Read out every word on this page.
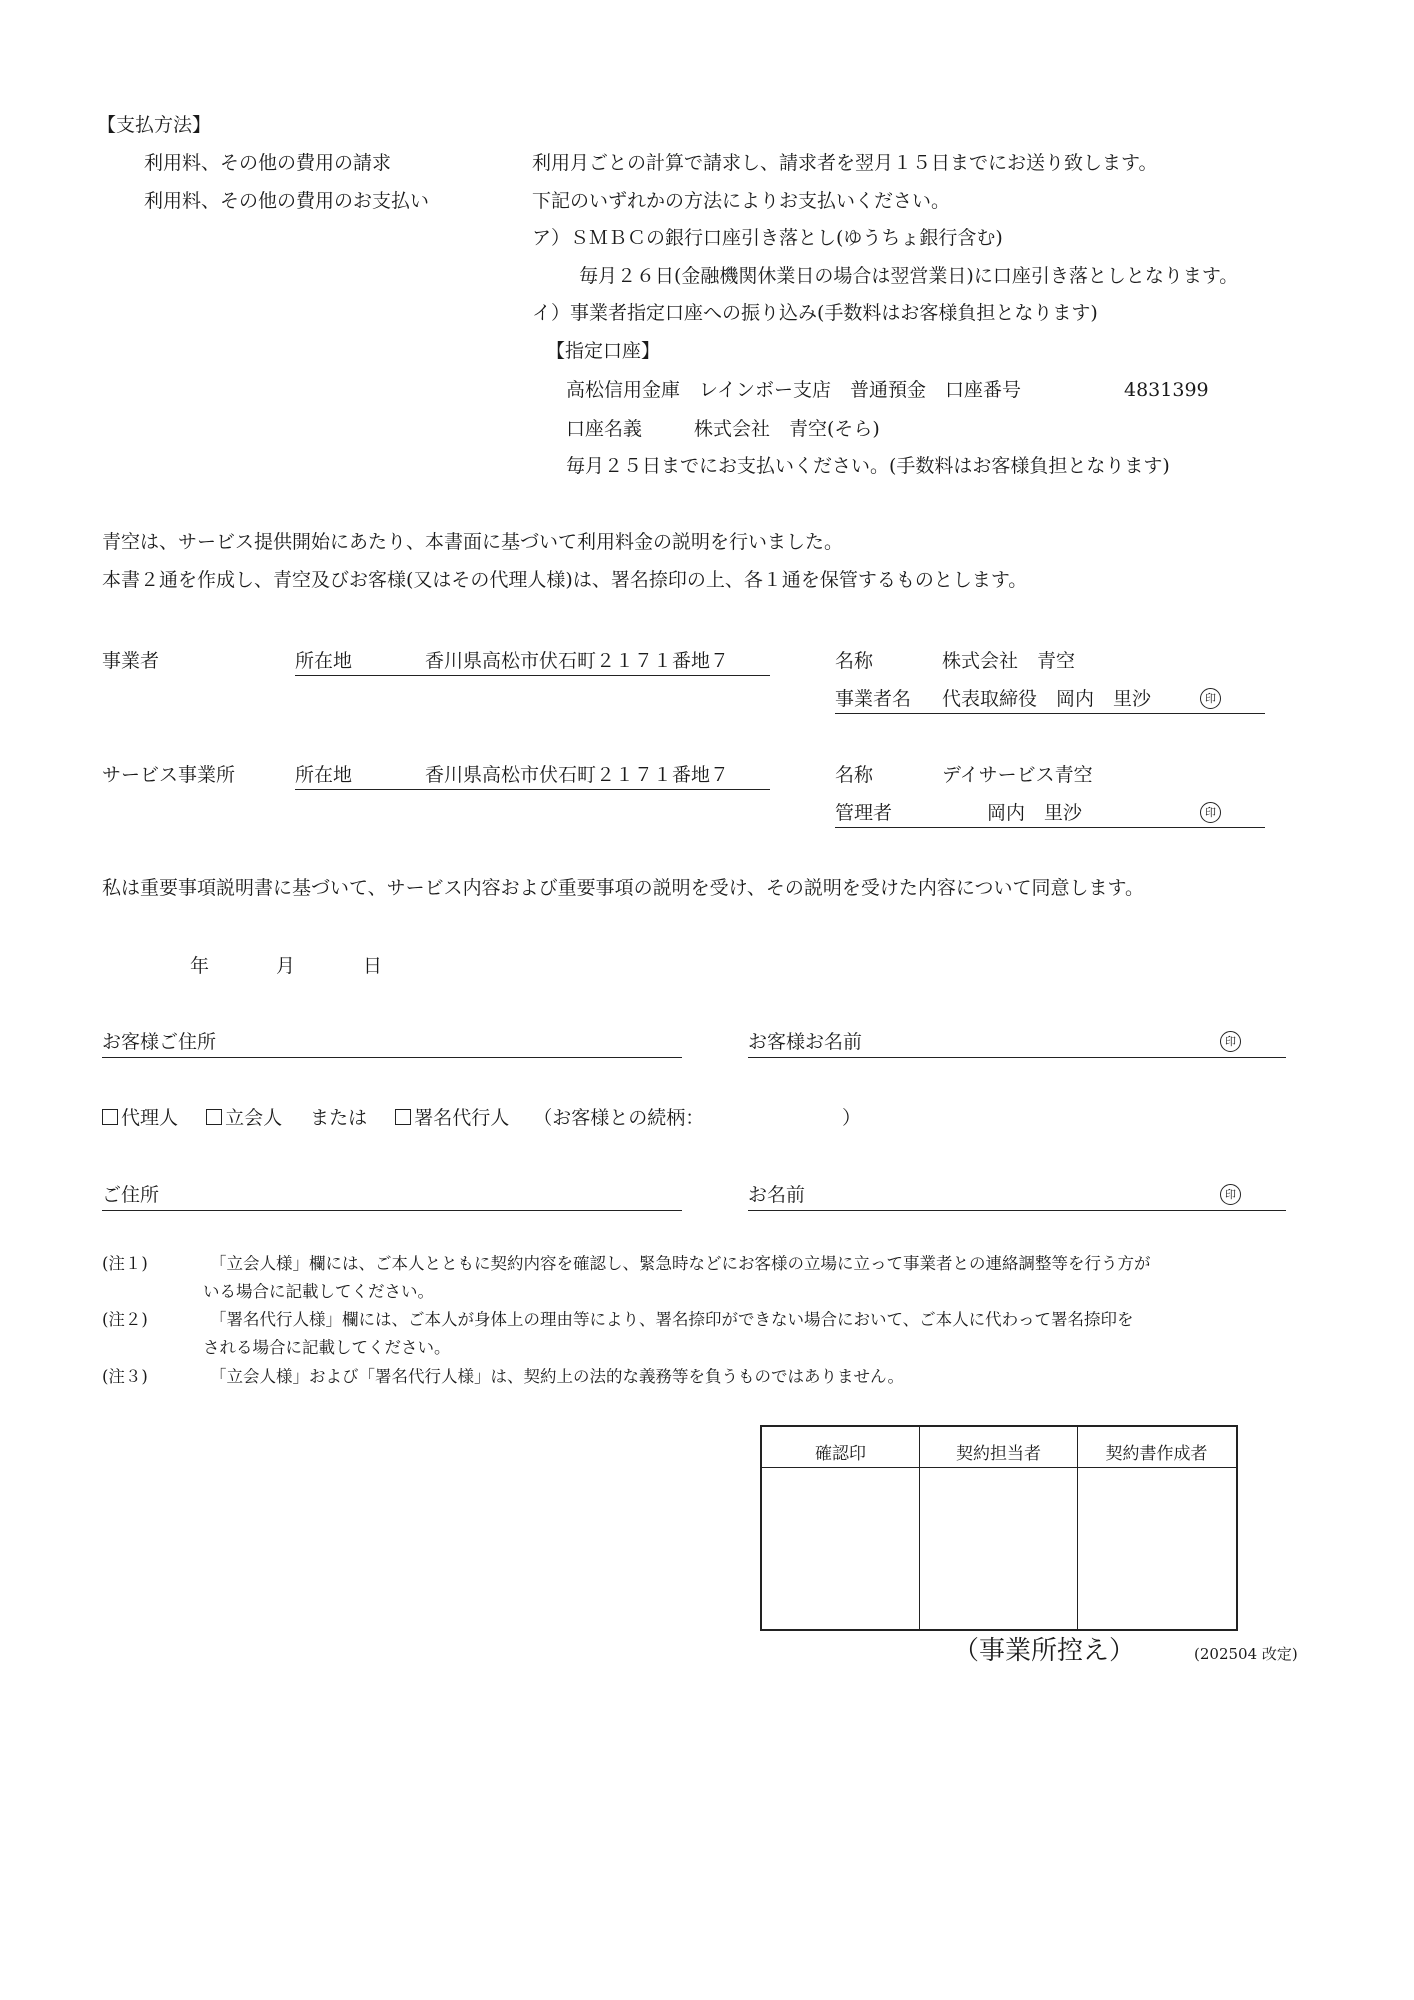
【支払方法】
利用料、その他の費用の請求	利用月ごとの計算で請求し、請求者を翌月１５日までにお送り致します。
利用料、その他の費用のお支払い	下記のいずれかの方法によりお支払いください。
ア）ＳＭＢＣの銀行口座引き落とし(ゆうちょ銀行含む)
毎月２６日(金融機関休業日の場合は翌営業日)に口座引き落としとなります。
イ）事業者指定口座への振り込み(手数料はお客様負担となります)
【指定口座】
高松信用金庫　レインボー支店　普通預金　口座番号	4831399
口座名義	株式会社　青空(そら)
毎月２５日までにお支払いください。(手数料はお客様負担となります)
青空は、サービス提供開始にあたり、本書面に基づいて利用料金の説明を行いました。
本書２通を作成し、青空及びお客様(又はその代理人様)は、署名捺印の上、各１通を保管するものとします。
事業者	所在地	香川県高松市伏石町２１７１番地７	名称	株式会社　青空
事業者名 代表取締役　岡内　里沙	印
サービス事業所	所在地	香川県高松市伏石町２１７１番地７	名称	デイサービス青空
管理者	岡内　里沙	印
私は重要事項説明書に基づいて、サービス内容および重要事項の説明を受け、その説明を受けた内容について同意します。
年	月	日
お客様ご住所	お客様お名前	印
代理人 立会人 または 署名代行人 （お客様との続柄：	）
ご住所	お名前	印
(注１)	「立会人様」欄には、ご本人とともに契約内容を確認し、緊急時などにお客様の立場に立って事業者との連絡調整等を行う方が
いる場合に記載してください。
(注２)	「署名代行人様」欄には、ご本人が身体上の理由等により、署名捺印ができない場合において、ご本人に代わって署名捺印を
される場合に記載してください。
(注３)	「立会人様」および「署名代行人様」は、契約上の法的な義務等を負うものではありません。
確認印	契約担当者	契約書作成者
（事業所控え）	(202504 改定)
